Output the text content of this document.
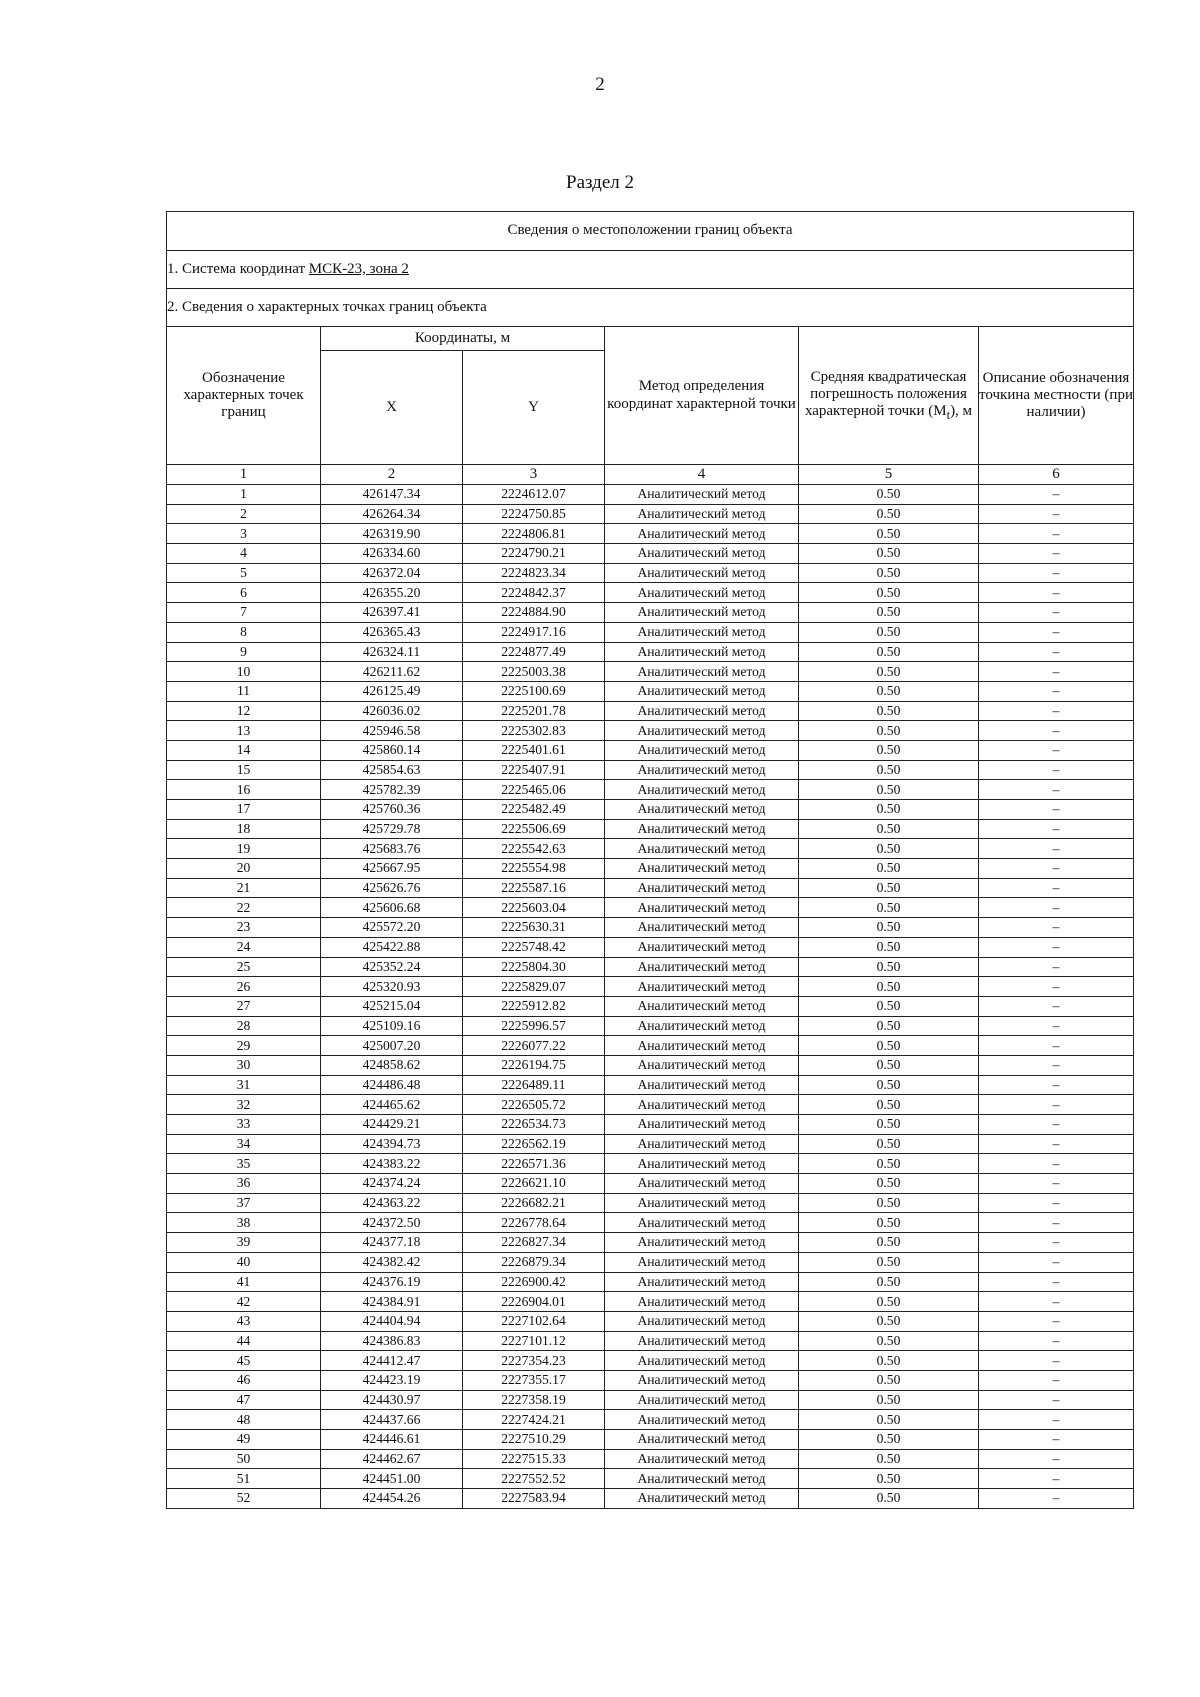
2
Раздел 2
Сведения о местоположении границ объекта					
1. Система координат МСК-23, зона 2					
2. Сведения о характерных точках границ объекта					
Обозначение характерных точек границ	Координаты, м		Метод определения координат характерной точки	Средняя квадратическая погрешность положения характерной точки $(M_t)$, м	Описание обозначения точкина местности (при наличии)
	X	Y			
1	2	3	4	5	6
1	426147.34	2224612.07	Аналитический метод	0.50	–
2	426264.34	2224750.85	Аналитический метод	0.50	–
3	426319.90	2224806.81	Аналитический метод	0.50	–
4	426334.60	2224790.21	Аналитический метод	0.50	–
5	426372.04	2224823.34	Аналитический метод	0.50	–
6	426355.20	2224842.37	Аналитический метод	0.50	–
7	426397.41	2224884.90	Аналитический метод	0.50	–
8	426365.43	2224917.16	Аналитический метод	0.50	–
9	426324.11	2224877.49	Аналитический метод	0.50	–
10	426211.62	2225003.38	Аналитический метод	0.50	–
11	426125.49	2225100.69	Аналитический метод	0.50	–
12	426036.02	2225201.78	Аналитический метод	0.50	–
13	425946.58	2225302.83	Аналитический метод	0.50	–
14	425860.14	2225401.61	Аналитический метод	0.50	–
15	425854.63	2225407.91	Аналитический метод	0.50	–
16	425782.39	2225465.06	Аналитический метод	0.50	–
17	425760.36	2225482.49	Аналитический метод	0.50	–
18	425729.78	2225506.69	Аналитический метод	0.50	–
19	425683.76	2225542.63	Аналитический метод	0.50	–
20	425667.95	2225554.98	Аналитический метод	0.50	–
21	425626.76	2225587.16	Аналитический метод	0.50	–
22	425606.68	2225603.04	Аналитический метод	0.50	–
23	425572.20	2225630.31	Аналитический метод	0.50	–
24	425422.88	2225748.42	Аналитический метод	0.50	–
25	425352.24	2225804.30	Аналитический метод	0.50	–
26	425320.93	2225829.07	Аналитический метод	0.50	–
27	425215.04	2225912.82	Аналитический метод	0.50	–
28	425109.16	2225996.57	Аналитический метод	0.50	–
29	425007.20	2226077.22	Аналитический метод	0.50	–
30	424858.62	2226194.75	Аналитический метод	0.50	–
31	424486.48	2226489.11	Аналитический метод	0.50	–
32	424465.62	2226505.72	Аналитический метод	0.50	–
33	424429.21	2226534.73	Аналитический метод	0.50	–
34	424394.73	2226562.19	Аналитический метод	0.50	–
35	424383.22	2226571.36	Аналитический метод	0.50	–
36	424374.24	2226621.10	Аналитический метод	0.50	–
37	424363.22	2226682.21	Аналитический метод	0.50	–
38	424372.50	2226778.64	Аналитический метод	0.50	–
39	424377.18	2226827.34	Аналитический метод	0.50	–
40	424382.42	2226879.34	Аналитический метод	0.50	–
41	424376.19	2226900.42	Аналитический метод	0.50	–
42	424384.91	2226904.01	Аналитический метод	0.50	–
43	424404.94	2227102.64	Аналитический метод	0.50	–
44	424386.83	2227101.12	Аналитический метод	0.50	–
45	424412.47	2227354.23	Аналитический метод	0.50	–
46	424423.19	2227355.17	Аналитический метод	0.50	–
47	424430.97	2227358.19	Аналитический метод	0.50	–
48	424437.66	2227424.21	Аналитический метод	0.50	–
49	424446.61	2227510.29	Аналитический метод	0.50	–
50	424462.67	2227515.33	Аналитический метод	0.50	–
51	424451.00	2227552.52	Аналитический метод	0.50	–
52	424454.26	2227583.94	Аналитический метод	0.50	–
